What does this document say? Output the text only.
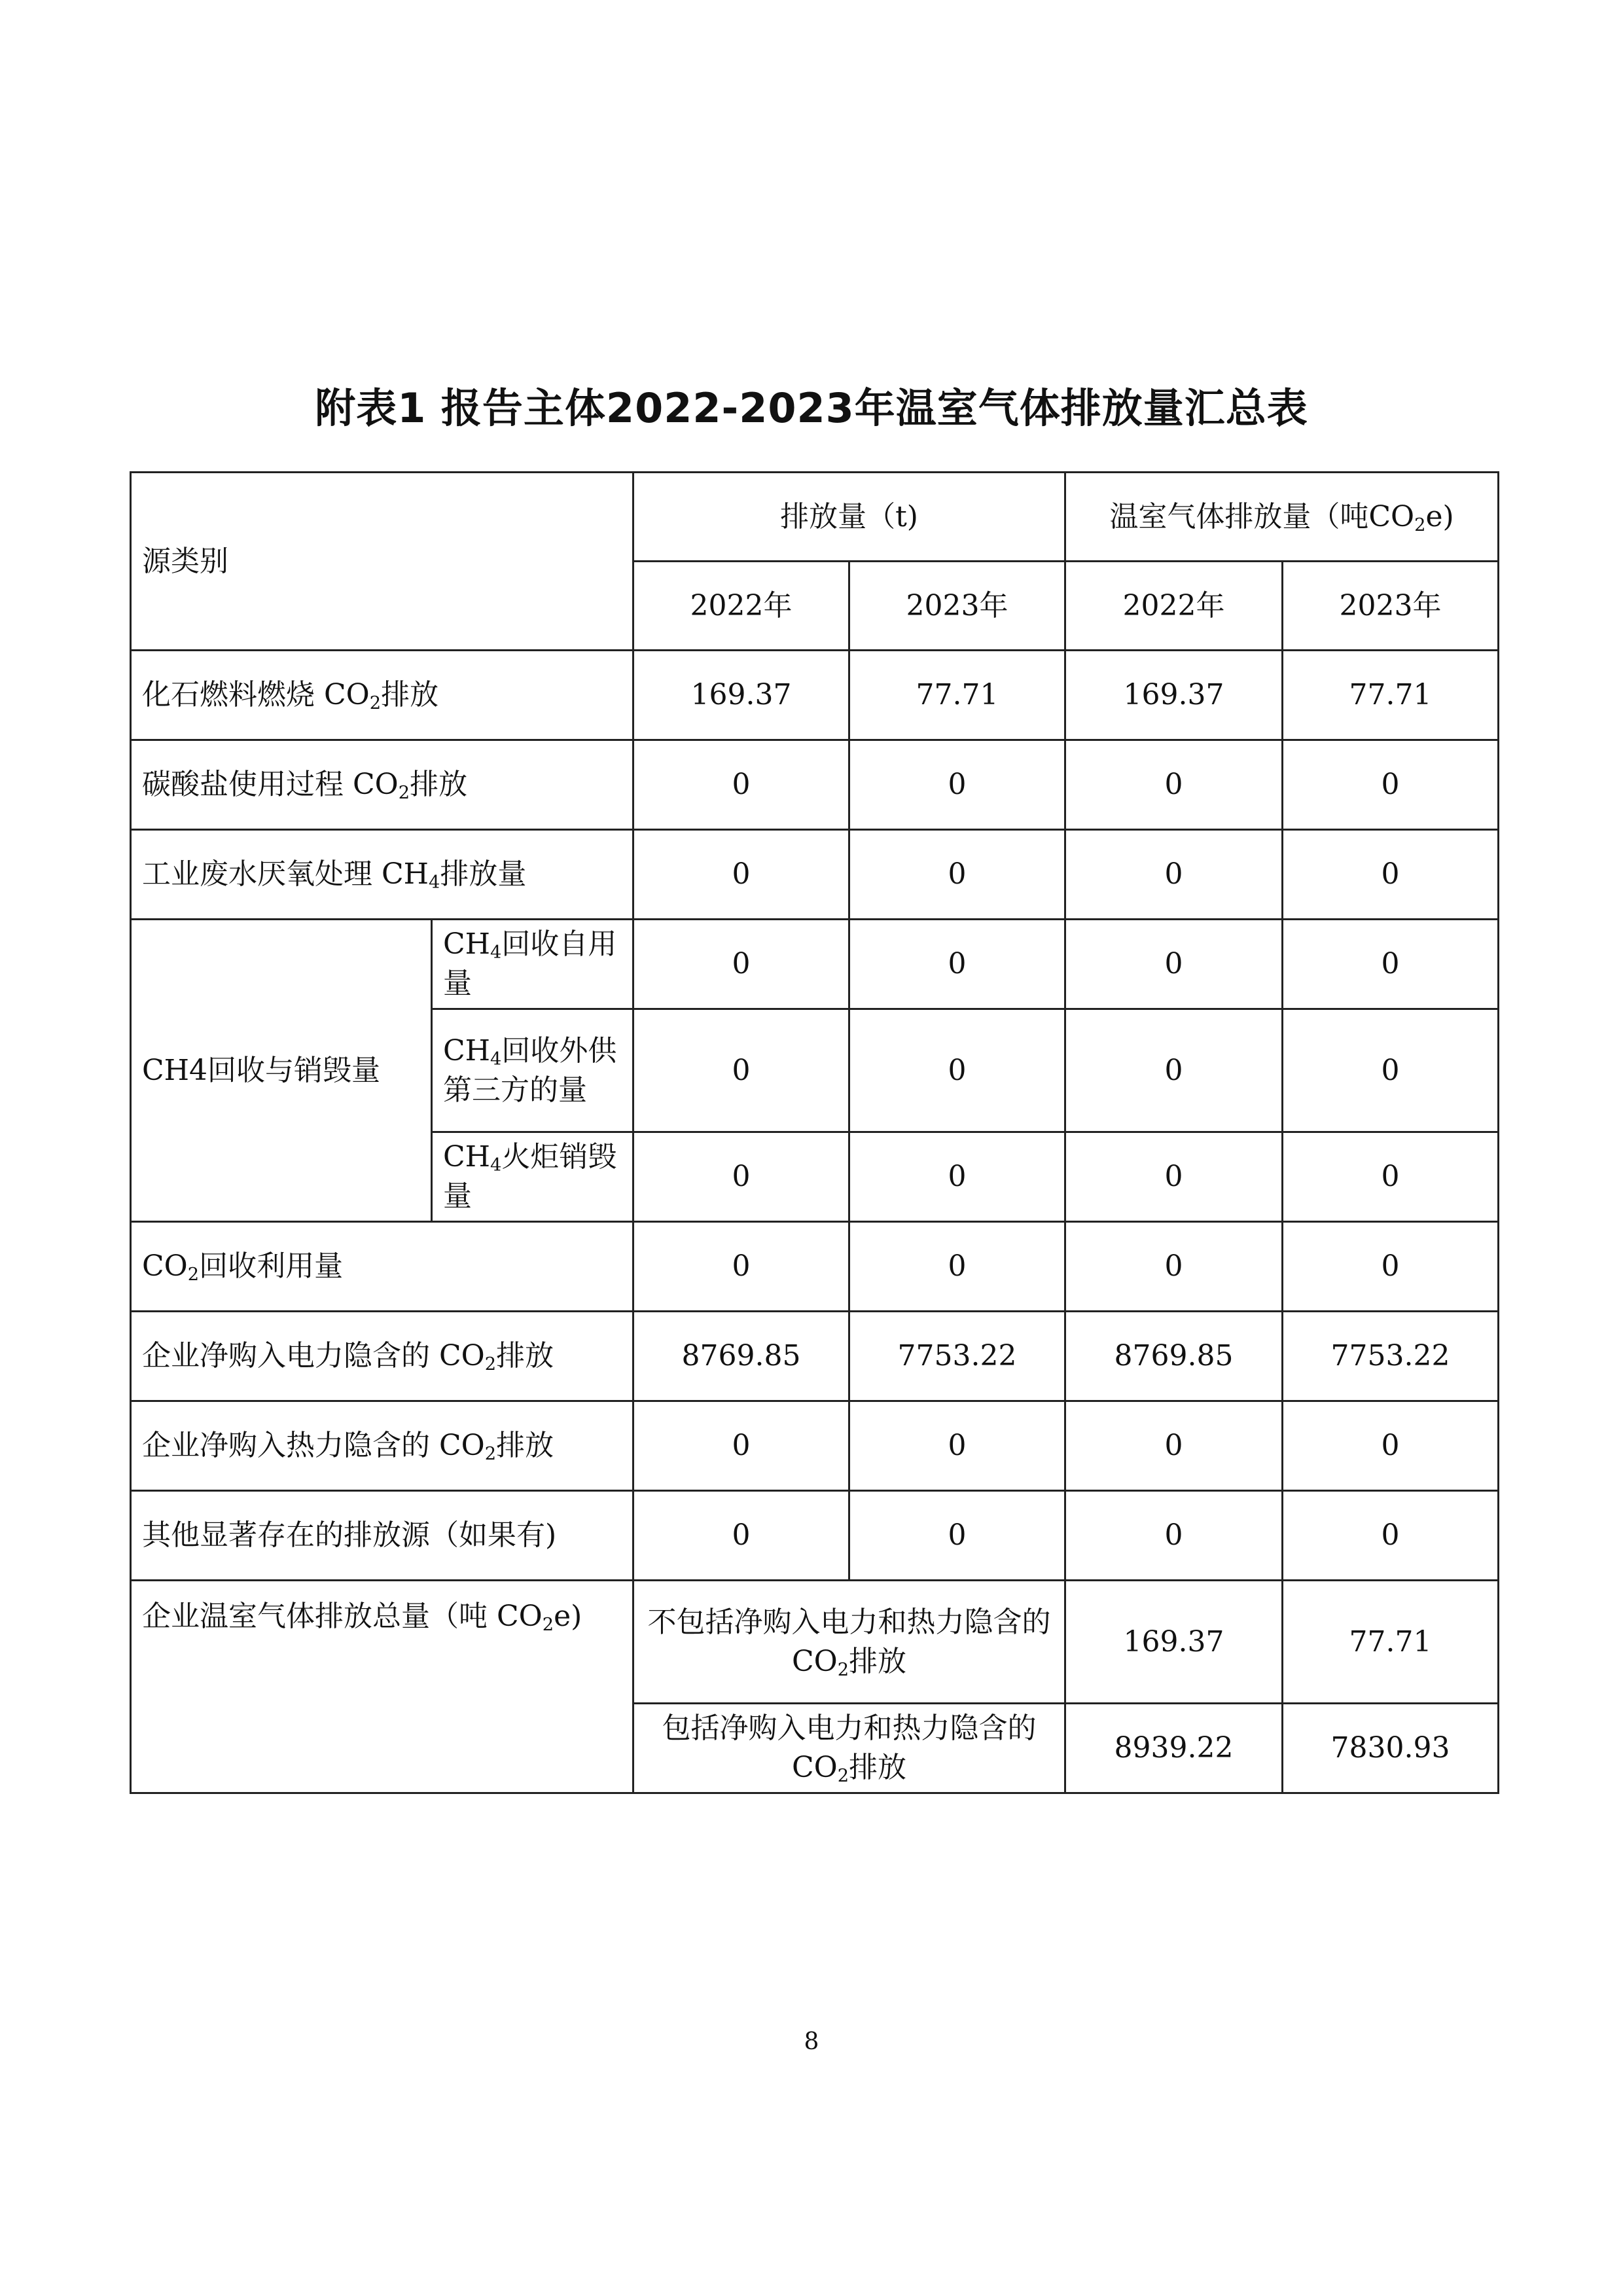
附表1 报告主体2022-2023年温室气体排放量汇总表
源类别		排放量（t)		温室气体排放量（吨$CO_2e$)	
		2022年	2023年	2022年	2023年
化石燃料燃烧 $CO_2$排放		169.37	77.71	169.37	77.71
碳酸盐使用过程 $CO_2$排放		0	0	0	0
工业废水厌氧处理 $CH_4$排放量		0	0	0	0
CH4回收与销毁量	$CH_4$回收自用量	0	0	0	0
	$CH_4$回收外供第三方的量	0	0	0	0
	$CH_4$火炬销毁量	0	0	0	0
$CO_2$回收利用量		0	0	0	0
企业净购入电力隐含的 $CO_2$排放		8769.85	7753.22	8769.85	7753.22
企业净购入热力隐含的 $CO_2$排放		0	0	0	0
其他显著存在的排放源（如果有)		0	0	0	0
企业温室气体排放总量（吨 $CO_2e$)		不包括净购入电力和热力隐含的 $CO_2$排放		169.37	77.71
		包括净购入电力和热力隐含的 $CO_2$排放		8939.22	7830.93
8
